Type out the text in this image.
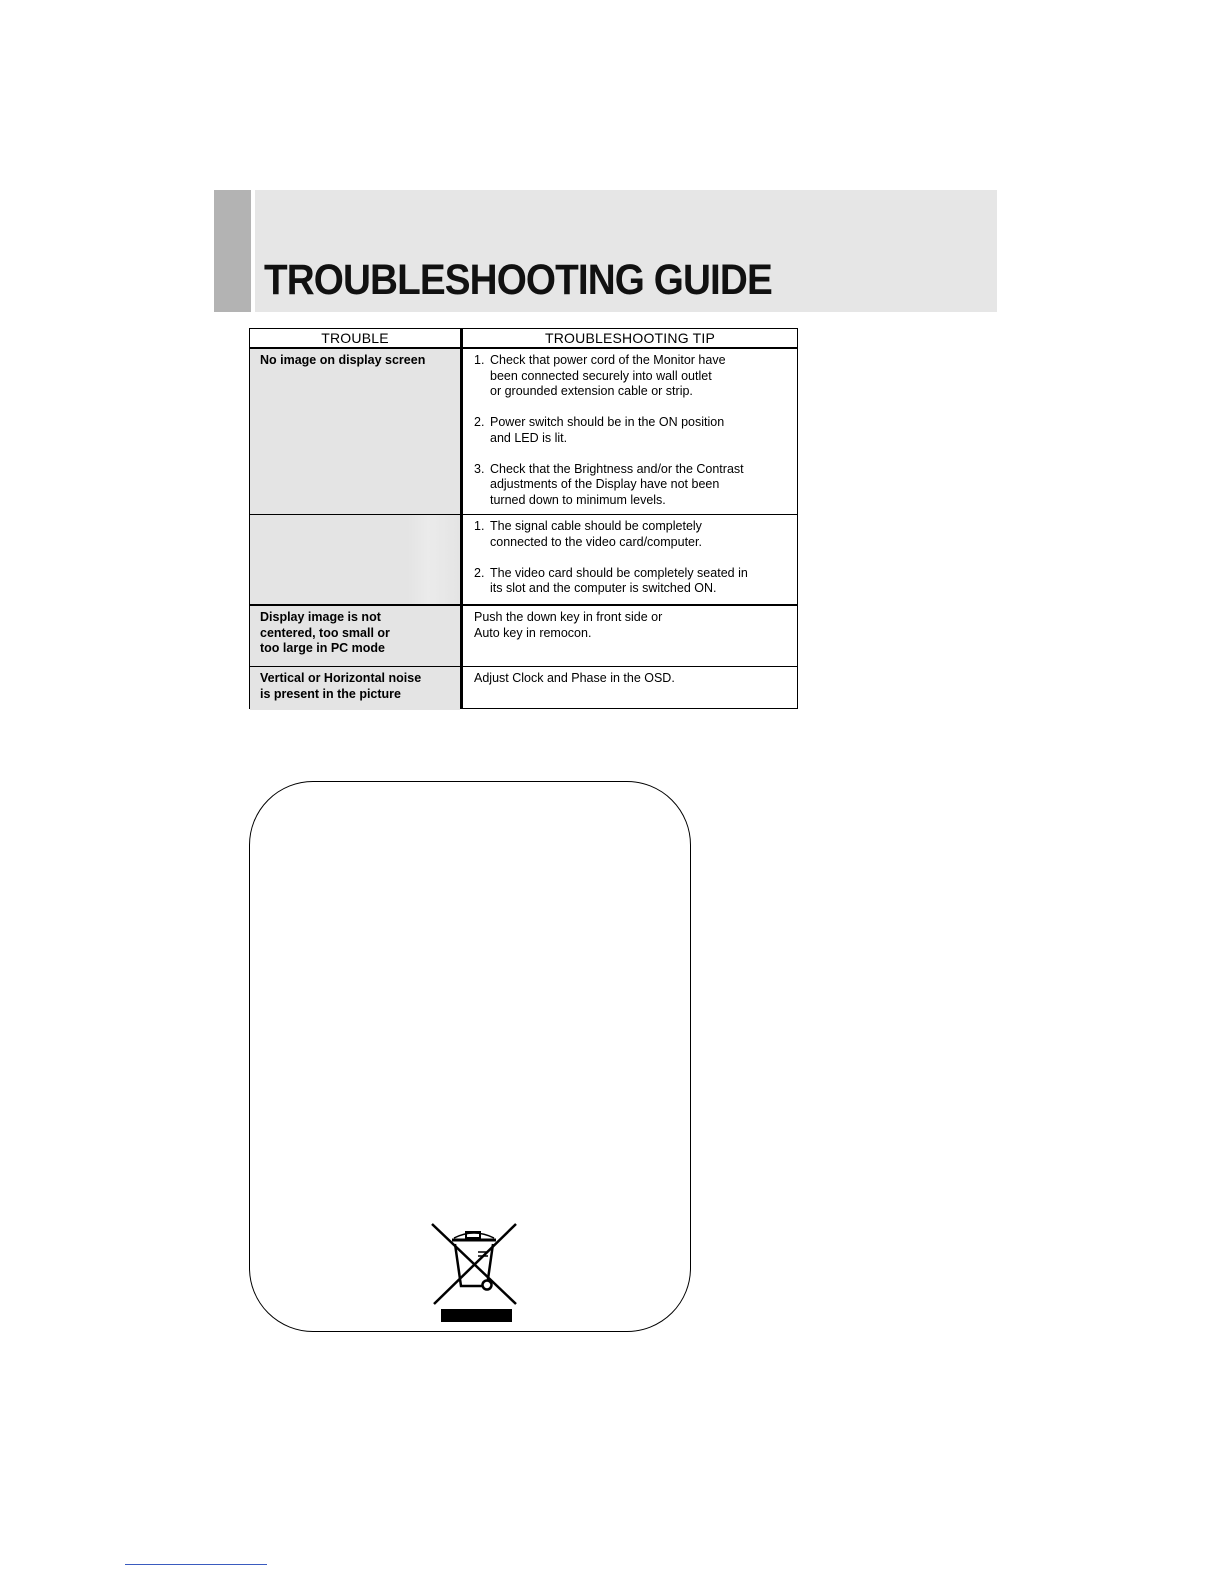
TROUBLESHOOTING GUIDE
TROUBLE	TROUBLESHOOTING TIP
No image on display screen	1. Check that power cord of the Monitor have
been connected securely into wall outlet
or grounded extension cable or strip.
2. Power switch should be in the ON position
and LED is lit.
3. Check that the Brightness and/or the Contrast
adjustments of the Display have not been
turned down to minimum levels.
1. The signal cable should be completely
connected to the video card/computer.
2. The video card should be completely seated in
its slot and the computer is switched ON.
Display image is not
centered, too small or
too large in PC mode
Push the down key in front side or
Auto key in remocon.
Vertical or Horizontal noise
is present in the picture
Adjust Clock and Phase in the OSD.
